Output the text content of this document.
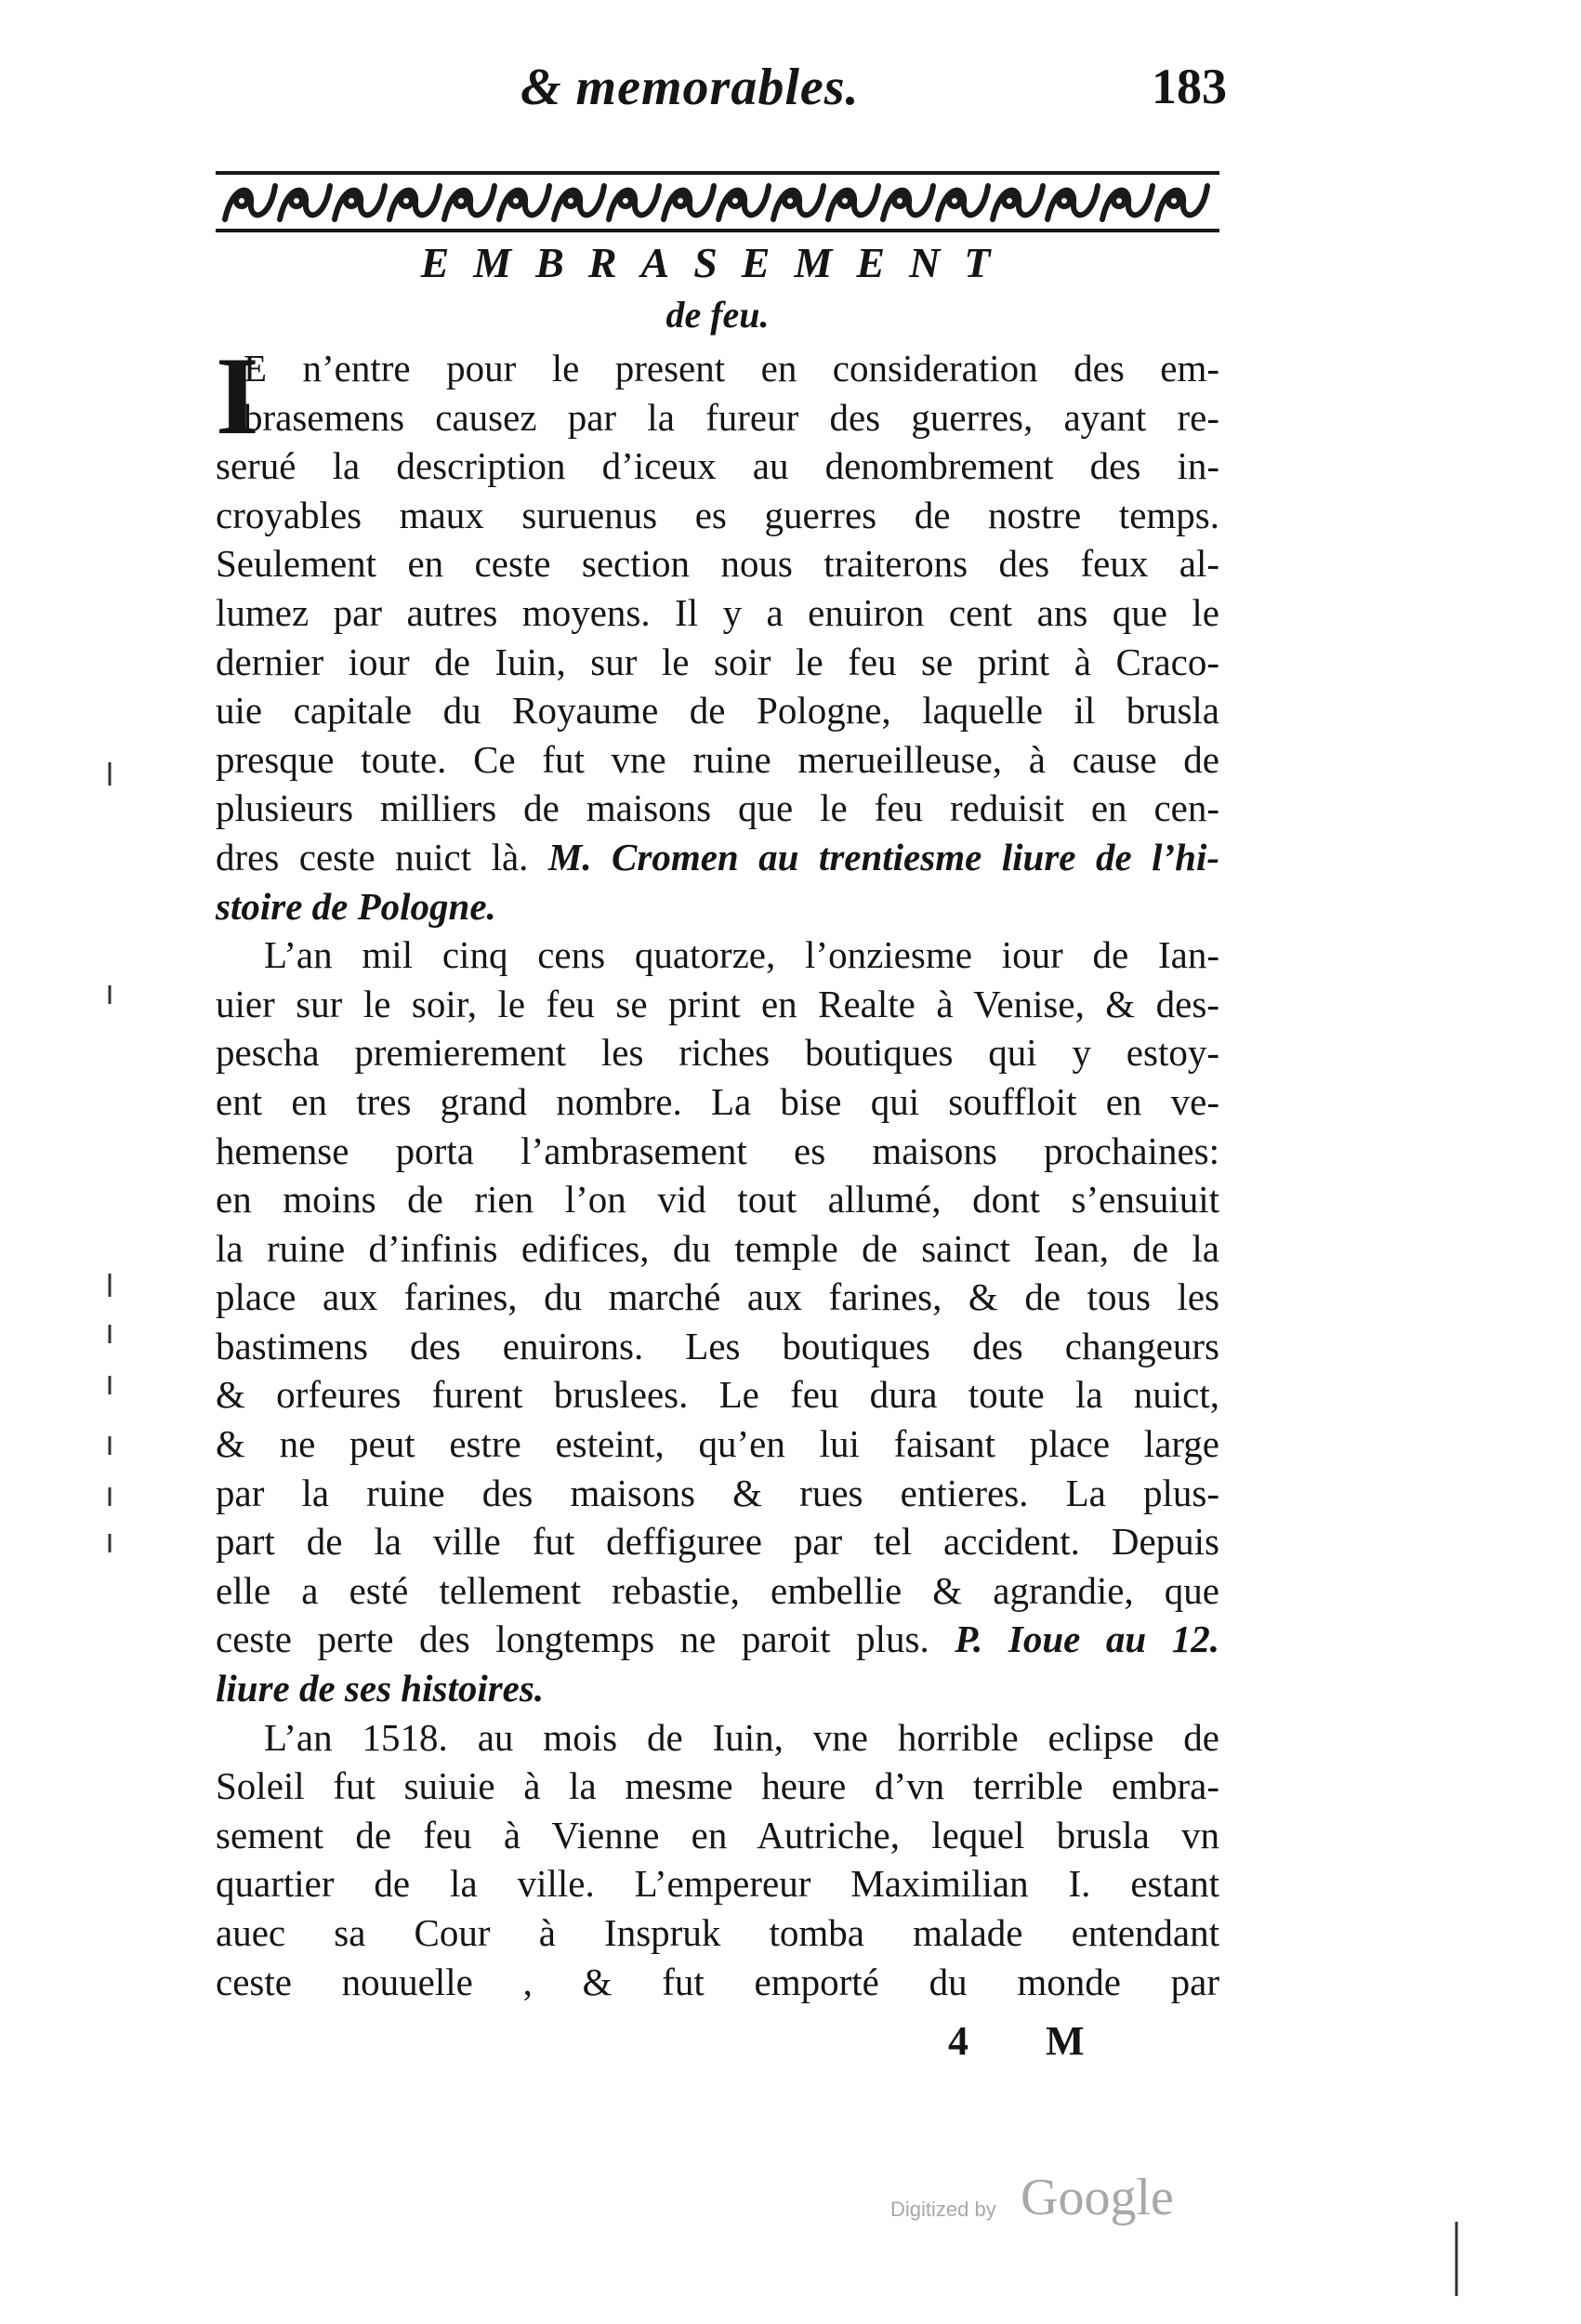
& memorables.	183
EMBRASEMENT
de feu.
I
E n’entre pour le present en consideration des em-
brasemens causez par la fureur des guerres, ayant re-
serué la description d’iceux au denombrement des in-
croyables maux suruenus es guerres de nostre temps.
Seulement en ceste section nous traiterons des feux al-
lumez par autres moyens. Il y a enuiron cent ans que le
dernier iour de Iuin, sur le soir le feu se print à Craco-
uie capitale du Royaume de Pologne, laquelle il brusla
presque toute. Ce fut vne ruine merueilleuse, à cause de
plusieurs milliers de maisons que le feu reduisit en cen-
dres ceste nuict là. M. Cromen au trentiesme liure de l’hi-
stoire de Pologne.
L’an mil cinq cens quatorze, l’onziesme iour de Ian-
uier sur le soir, le feu se print en Realte à Venise, & des-
pescha premierement les riches boutiques qui y estoy-
ent en tres grand nombre. La bise qui souffloit en ve-
hemense porta l’ambrasement es maisons prochaines:
en moins de rien l’on vid tout allumé, dont s’ensuiuit
la ruine d’infinis edifices, du temple de sainct Iean, de la
place aux farines, du marché aux farines, & de tous les
bastimens des enuirons. Les boutiques des changeurs
& orfeures furent bruslees. Le feu dura toute la nuict,
& ne peut estre esteint, qu’en lui faisant place large
par la ruine des maisons & rues entieres. La plus-
part de la ville fut deffiguree par tel accident. Depuis
elle a esté tellement rebastie, embellie & agrandie, que
ceste perte des longtemps ne paroit plus. P. Ioue au 12.
liure de ses histoires.
L’an 1518. au mois de Iuin, vne horrible eclipse de
Soleil fut suiuie à la mesme heure d’vn terrible embra-
sement de feu à Vienne en Autriche, lequel brusla vn
quartier de la ville. L’empereur Maximilian I. estant
auec sa Cour à Inspruk tomba malade entendant
ceste nouuelle , & fut emporté du monde par
4 M
Digitized by Google
